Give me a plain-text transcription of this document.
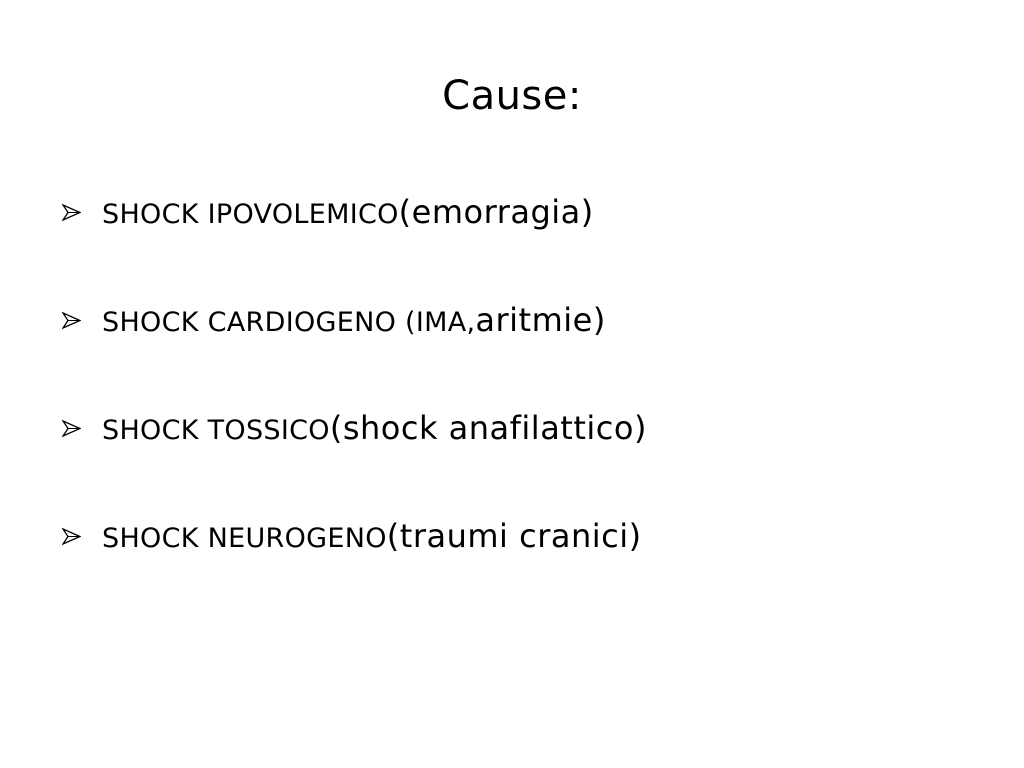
Cause:
SHOCK IPOVOLEMICO (emorragia)
SHOCK CARDIOGENO (IMA, aritmie)
SHOCK TOSSICO (shock anafilattico)
SHOCK NEUROGENO (traumi cranici)
